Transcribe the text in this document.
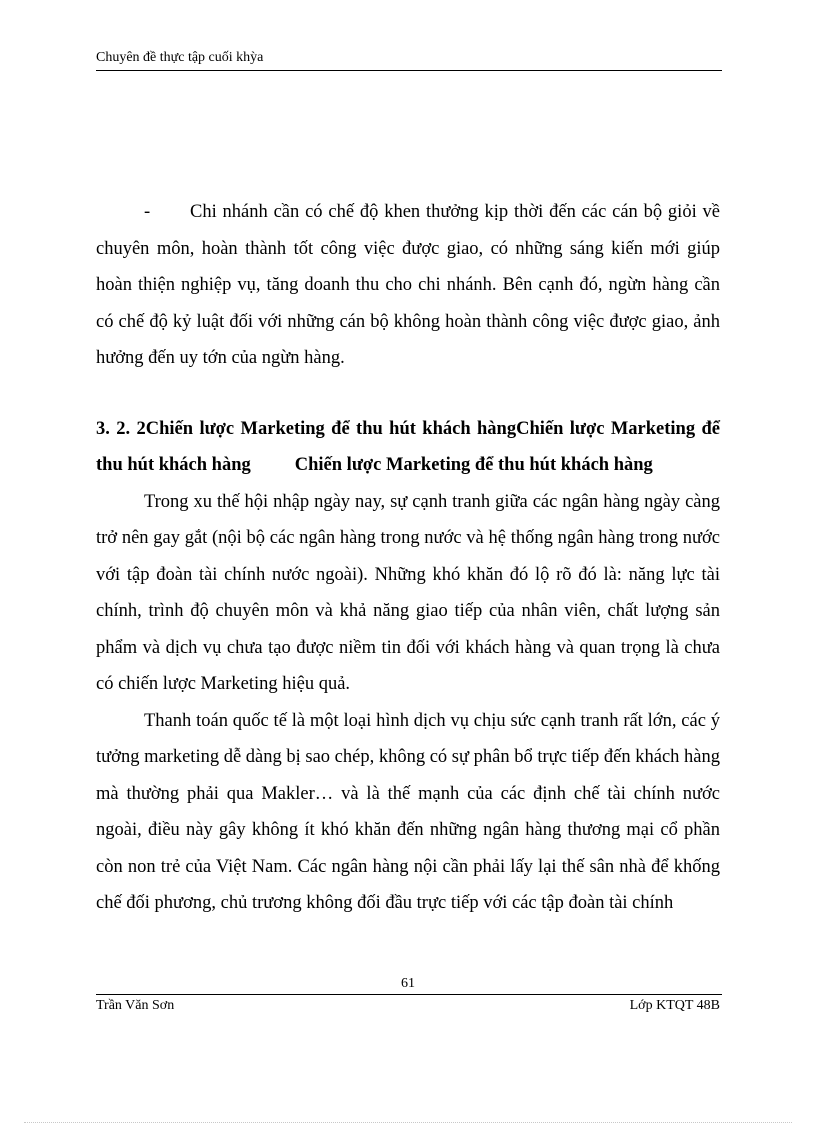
Chuyên đề thực tập cuối khỳa

- Chi nhánh cần có chế độ khen thưởng kịp thời đến các cán bộ giỏi về chuyên môn, hoàn thành tốt công việc được giao, có những sáng kiến mới giúp hoàn thiện nghiệp vụ, tăng doanh thu cho chi nhánh. Bên cạnh đó, ngừn hàng cần có chế độ kỷ luật đối với những cán bộ không hoàn thành công việc được giao, ảnh hưởng đến uy tớn của ngừn hàng.

3. 2. 2Chiến lược Marketing để thu hút khách hàngChiến lược Marketing để thu hút khách hàng Chiến lược Marketing để thu hút khách hàng

Trong xu thế hội nhập ngày nay, sự cạnh tranh giữa các ngân hàng ngày càng trở nên gay gắt (nội bộ các ngân hàng trong nước và hệ thống ngân hàng trong nước với tập đoàn tài chính nước ngoài). Những khó khăn đó lộ rõ đó là: năng lực tài chính, trình độ chuyên môn và khả năng giao tiếp của nhân viên, chất lượng sản phẩm và dịch vụ chưa tạo được niềm tin đối với khách hàng và quan trọng là chưa có chiến lược Marketing hiệu quả.

Thanh toán quốc tế là một loại hình dịch vụ chịu sức cạnh tranh rất lớn, các ý tưởng marketing dễ dàng bị sao chép, không có sự phân bổ trực tiếp đến khách hàng mà thường phải qua Makler… và là thế mạnh của các định chế tài chính nước ngoài, điều này gây không ít khó khăn đến những ngân hàng thương mại cổ phần còn non trẻ của Việt Nam. Các ngân hàng nội cần phải lấy lại thế sân nhà để khống chế đối phương, chủ trương không đối đầu trực tiếp với các tập đoàn tài chính

61
Trần Văn Sơn	Lớp KTQT 48B
